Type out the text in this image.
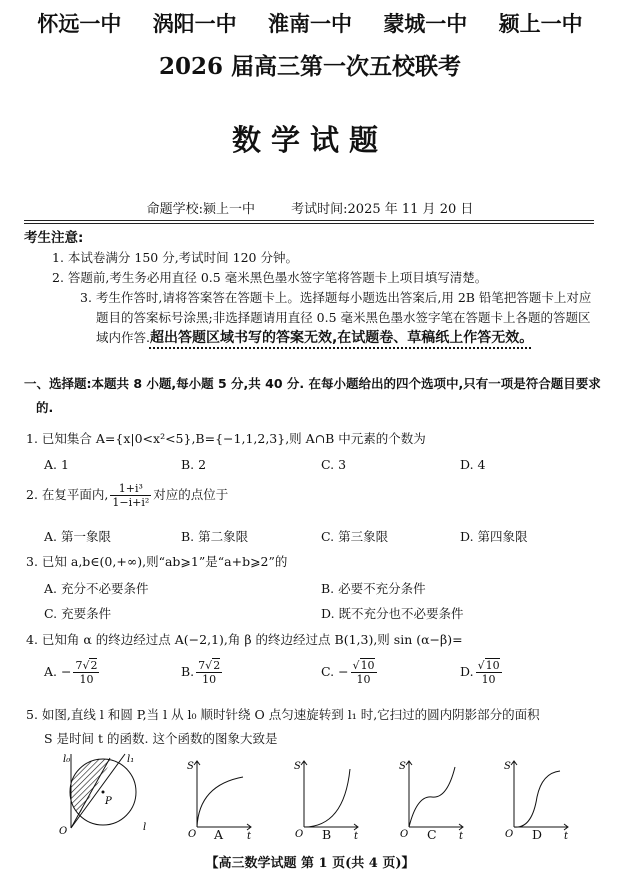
怀远一中 涡阳一中 淮南一中 蒙城一中 颍上一中
2026 届高三第一次五校联考
数学试题
命题学校:颍上一中	考试时间:2025 年 11 月 20 日
考生注意:
1. 本试卷满分 150 分,考试时间 120 分钟。
2. 答题前,考生务必用直径 0.5 毫米黑色墨水签字笔将答题卡上项目填写清楚。
3. 考生作答时,请将答案答在答题卡上。选择题每小题选出答案后,用 2B 铅笔把答题卡上对应题目的答案标号涂黑;非选择题请用直径 0.5 毫米黑色墨水签字笔在答题卡上各题的答题区域内作答.超出答题区域书写的答案无效,在试题卷、草稿纸上作答无效。
一、选择题:本题共 8 小题,每小题 5 分,共 40 分. 在每小题给出的四个选项中,只有一项是符合题目要求的.
1. 已知集合 A={x|0<x²<5},B={−1,1,2,3},则 A∩B 中元素的个数为
A. 1	B. 2	C. 3	D. 4
2. 在复平面内, $\frac{\text{1+i³}}{\text{1−i+i²}}$ 对应的点位于
A. 第一象限	B. 第二象限	C. 第三象限	D. 第四象限
3. 已知 a,b∈(0,+∞),则“ab⩾1”是“a+b⩾2”的
A. 充分不必要条件	B. 必要不充分条件
C. 充要条件	D. 既不充分也不必要条件
4. 已知角 α 的终边经过点 A(−2,1),角 β 的终边经过点 B(1,3),则 sin (α−β)=
A. − $\frac{7√2}{10}$	B. $\frac{7√2}{10}$	C. − $\frac{√10}{10}$	D. $\frac{√10}{10}$
5. 如图,直线 l 和圆 P,当 l 从 l₀ 顺时针绕 O 点匀速旋转到 l₁ 时,它扫过的圆内阴影部分的面积
S 是时间 t 的函数. 这个函数的图象大致是
l₀	l₁
l
P
O
S
t
O
S
t
O
S
t
O
S
t
O
【高三数学试题 第 1 页(共 4 页)】
A	B	C	D
